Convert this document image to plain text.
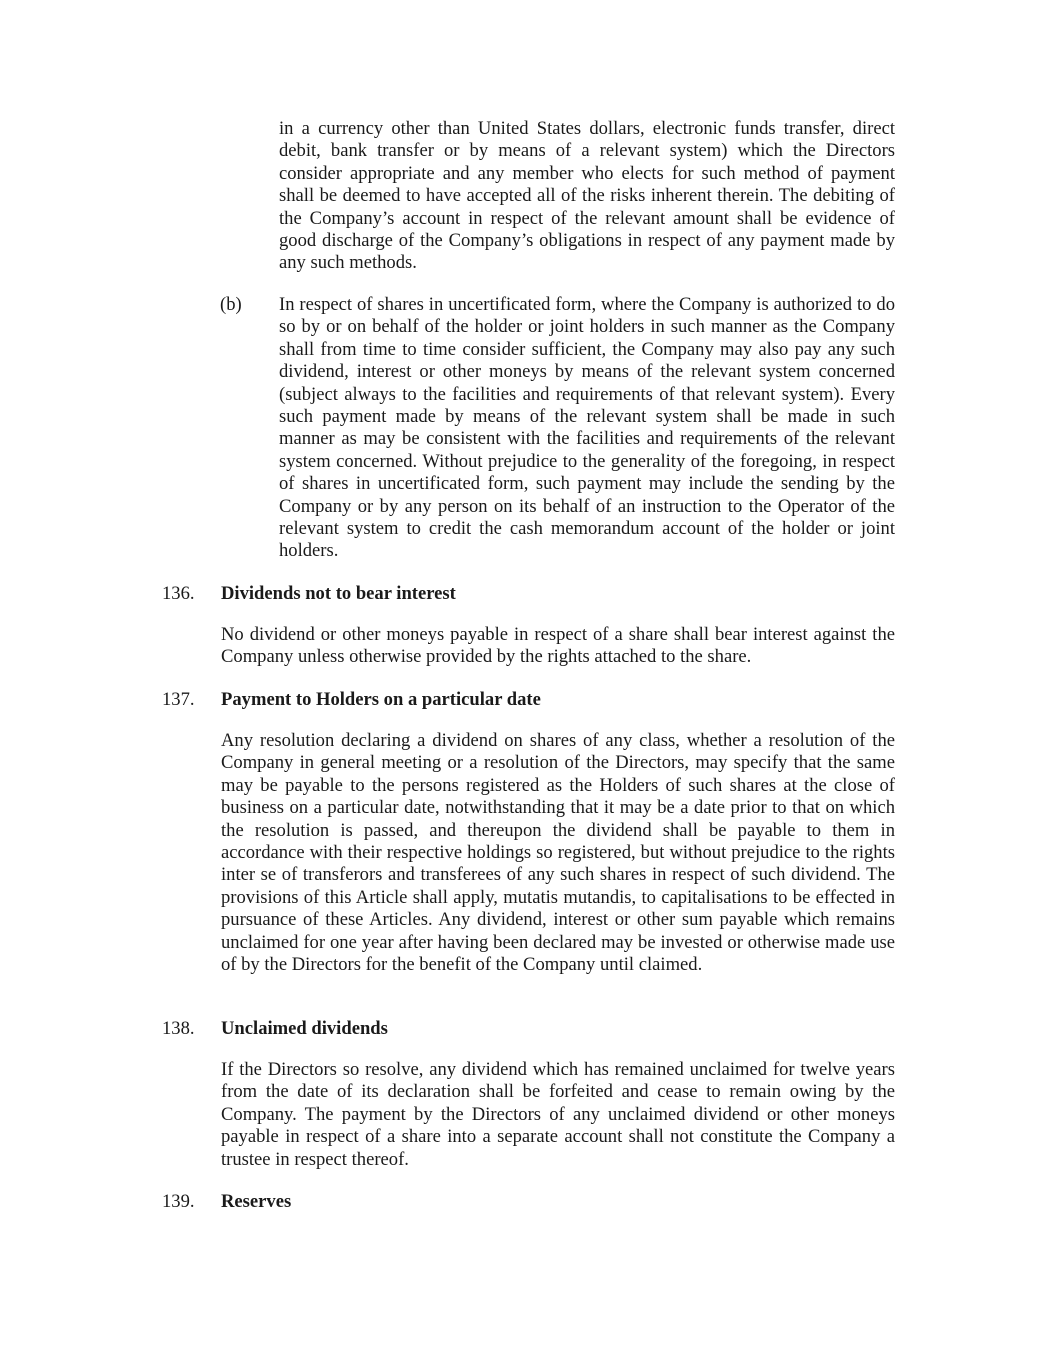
in a currency other than United States dollars, electronic funds transfer, direct debit, bank transfer or by means of a relevant system) which the Directors consider appropriate and any member who elects for such method of payment shall be deemed to have accepted all of the risks inherent therein. The debiting of the Company’s account in respect of the relevant amount shall be evidence of good discharge of the Company’s obligations in respect of any payment made by any such methods.

(b)	In respect of shares in uncertificated form, where the Company is authorized to do so by or on behalf of the holder or joint holders in such manner as the Company shall from time to time consider sufficient, the Company may also pay any such dividend, interest or other moneys by means of the relevant system concerned (subject always to the facilities and requirements of that relevant system). Every such payment made by means of the relevant system shall be made in such manner as may be consistent with the facilities and requirements of the relevant system concerned. Without prejudice to the generality of the foregoing, in respect of shares in uncertificated form, such payment may include the sending by the Company or by any person on its behalf of an instruction to the Operator of the relevant system to credit the cash memorandum account of the holder or joint holders.

136.	Dividends not to bear interest

No dividend or other moneys payable in respect of a share shall bear interest against the Company unless otherwise provided by the rights attached to the share.

137.	Payment to Holders on a particular date

Any resolution declaring a dividend on shares of any class, whether a resolution of the Company in general meeting or a resolution of the Directors, may specify that the same may be payable to the persons registered as the Holders of such shares at the close of business on a particular date, notwithstanding that it may be a date prior to that on which the resolution is passed, and thereupon the dividend shall be payable to them in accordance with their respective holdings so registered, but without prejudice to the rights inter se of transferors and transferees of any such shares in respect of such dividend. The provisions of this Article shall apply, mutatis mutandis, to capitalisations to be effected in pursuance of these Articles. Any dividend, interest or other sum payable which remains unclaimed for one year after having been declared may be invested or otherwise made use of by the Directors for the benefit of the Company until claimed.

138.	Unclaimed dividends

If the Directors so resolve, any dividend which has remained unclaimed for twelve years from the date of its declaration shall be forfeited and cease to remain owing by the Company. The payment by the Directors of any unclaimed dividend or other moneys payable in respect of a share into a separate account shall not constitute the Company a trustee in respect thereof.

139.	Reserves
